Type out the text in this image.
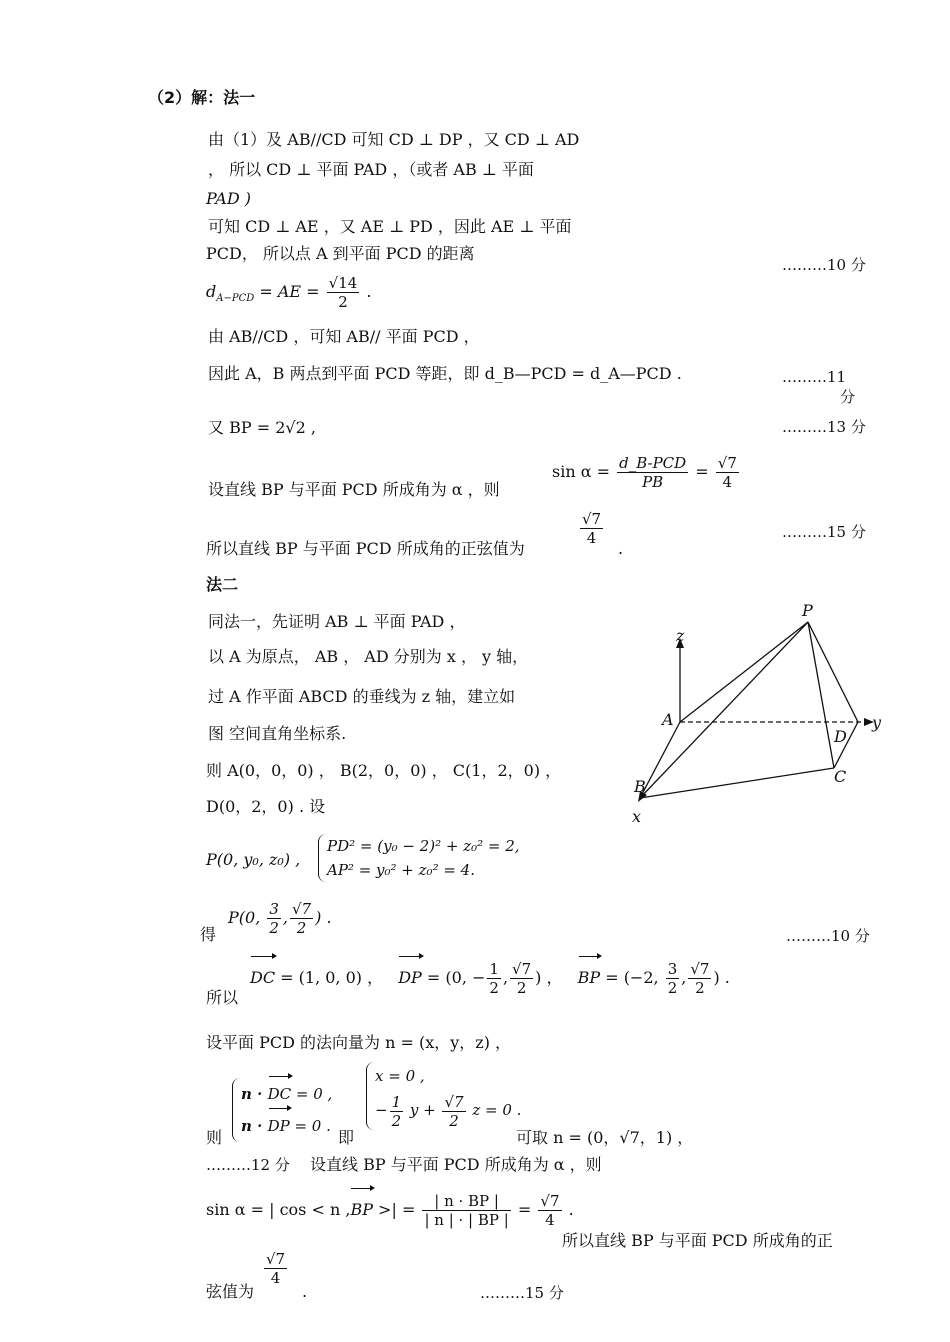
（2）解：法一
由（1）及 AB//CD 可知 CD ⊥ DP ，又 CD ⊥ AD
， 所以 CD ⊥ 平面 PAD ，（或者 AB ⊥ 平面
PAD )
可知 CD ⊥ AE ，又 AE ⊥ PD ，因此 AE ⊥ 平面
PCD， 所以点 A 到平面 PCD 的距离
………10 分
$d_{A-PCD}$ = AE = $\frac{√14}{2}$ .
由 AB//CD ，可知 AB// 平面 PCD ，
因此 A，B 两点到平面 PCD 等距，即 d_B—PCD = d_A—PCD .	………11
分
又 BP = 2√2 ,	………13 分
设直线 BP 与平面 PCD 所成角为 α ，则
$\sin \alpha = \frac{\text{d\_B-PCD}}{PB} = \frac{√7}{4}$
所以直线 BP 与平面 PCD 所成角的正弦值为
$\frac{√7}{4}$
.
………15 分
法二
同法一，先证明 AB ⊥ 平面 PAD ，
以 A 为原点， AB ， AD 分别为 x ， y 轴，
过 A 作平面 ABCD 的垂线为 z 轴，建立如
图 空间直角坐标系.
则 A(0，0，0) ， B(2，0，0) ， C(1，2，0) ，
D(0，2，0) . 设
P
z
A	y
D
C
B
x
P(0, y₀, z₀) ,
PD² = (y₀ − 2)² + z₀² = 2,
AP² = y₀² + z₀² = 4.
得
P(0, $\frac{3}{2}$ , $\frac{√7}{2}$ ) .
………10 分
所以
DC = (1, 0, 0) ， DP = (0, − $\frac{1}{2}$ , $\frac{√7}{2}$ ) ， BP = (−2, $\frac{3}{2}$ , $\frac{√7}{2}$ ) .
设平面 PCD 的法向量为 n = (x，y，z) ，
则
n · DC = 0 ,
n · DP = 0 .
即
x = 0 ,
− $\frac{1}{2}$ $y + \frac{√7}{2}$ z = 0 .
可取 n = (0，√7，1) ，
………12 分 设直线 BP 与平面 PCD 所成角为 α ，则
sin α = | cos < n ,BP >| = $\frac{| n \cdot BP |}{| n | \cdot | BP |} = \frac{√7}{4}$ .
所以直线 BP 与平面 PCD 所成角的正
弦值为
$\frac{√7}{4}$
.	………15 分
